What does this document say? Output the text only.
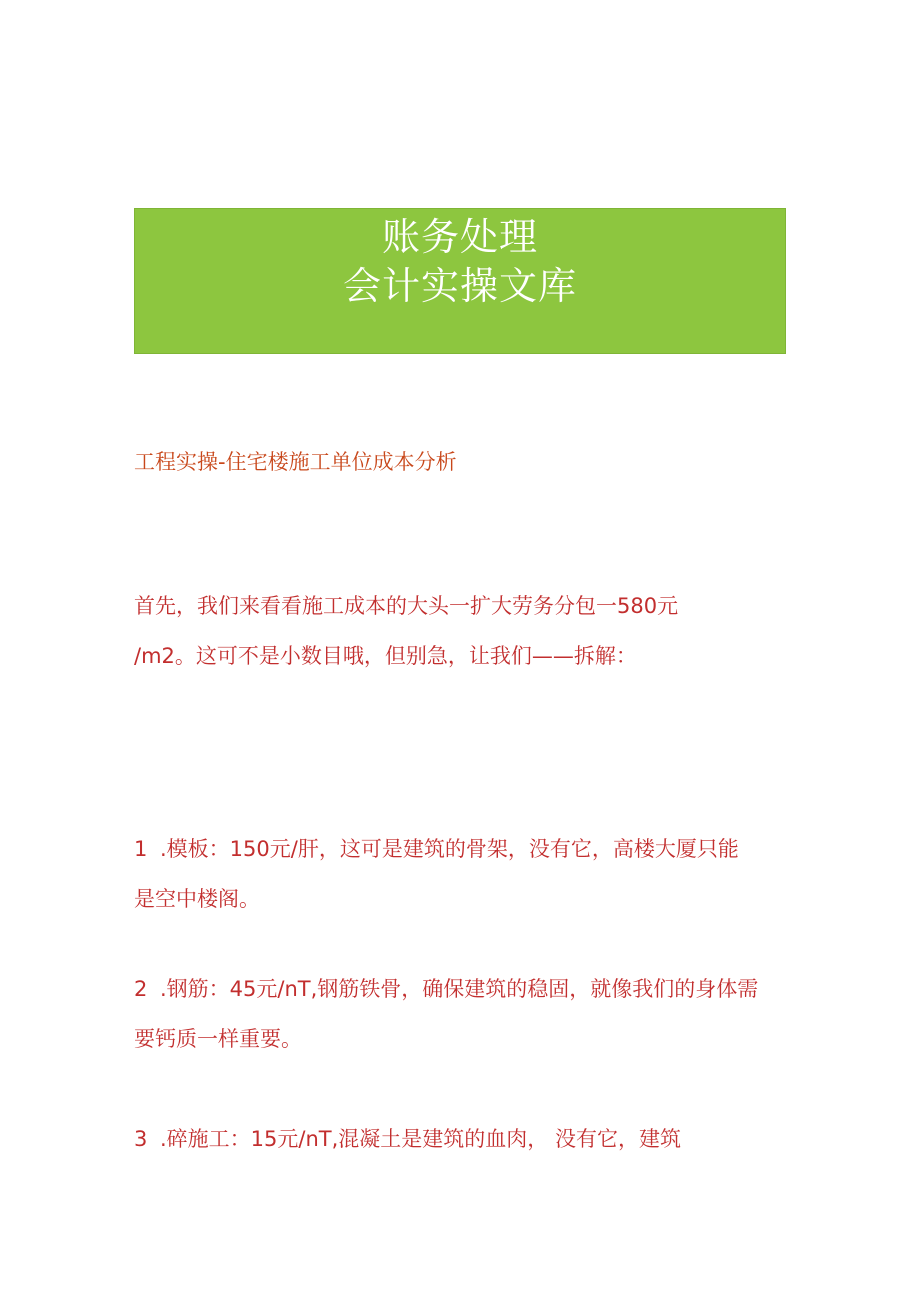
账务处理
会计实操文库
工程实操-住宅楼施工单位成本分析

首先，我们来看看施工成本的大头一扩大劳务分包一580元
/m2。这可不是小数目哦，但别急，让我们——拆解：

1 .模板：150元/肝，这可是建筑的骨架，没有它，高楼大厦只能
是空中楼阁。

2 .钢筋：45元/nT,钢筋铁骨，确保建筑的稳固，就像我们的身体需
要钙质一样重要。

3 .碎施工：15元/nT,混凝土是建筑的血肉， 没有它，建筑
